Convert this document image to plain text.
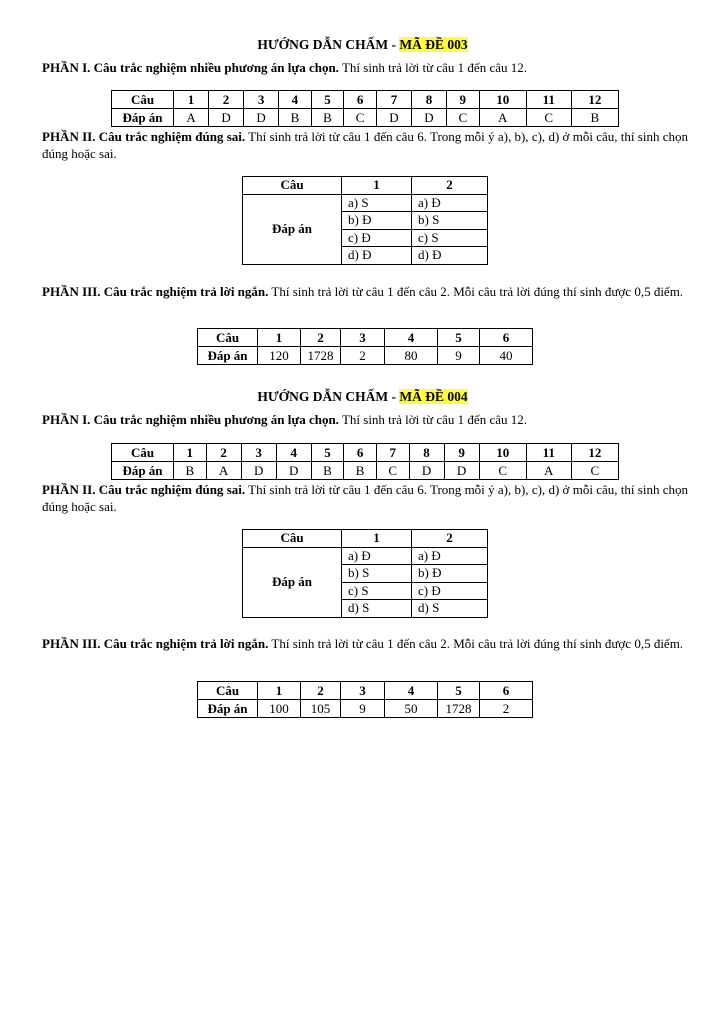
HƯỚNG DẪN CHẤM - MÃ ĐỀ 003
PHẦN I. Câu trắc nghiệm nhiều phương án lựa chọn. Thí sinh trả lời từ câu 1 đến câu 12.
Câu	1	2	3	4	5	6	7	8	9	10	11	12
Đáp án	A	D	D	B	B	C	D	D	C	A	C	B
PHẦN II. Câu trắc nghiệm đúng sai. Thí sinh trả lời từ câu 1 đến câu 6. Trong mỗi ý a), b), c), d) ở mỗi câu, thí sinh chọn đúng hoặc sai.
Câu	1	2
Đáp án	a) S	a) Đ
	b) Đ	b) S
	c) Đ	c) S
	d) Đ	d) Đ
PHẦN III. Câu trắc nghiệm trả lời ngắn. Thí sinh trả lời từ câu 1 đến câu 2. Mỗi câu trả lời đúng thí sinh được 0,5 điểm.
Câu	1	2	3	4	5	6
Đáp án	120	1728	2	80	9	40
HƯỚNG DẪN CHẤM - MÃ ĐỀ 004
PHẦN I. Câu trắc nghiệm nhiều phương án lựa chọn. Thí sinh trả lời từ câu 1 đến câu 12.
Câu	1	2	3	4	5	6	7	8	9	10	11	12
Đáp án	B	A	D	D	B	B	C	D	D	C	A	C
PHẦN II. Câu trắc nghiệm đúng sai. Thí sinh trả lời từ câu 1 đến câu 6. Trong mỗi ý a), b), c), d) ở mỗi câu, thí sinh chọn đúng hoặc sai.
Câu	1	2
Đáp án	a) Đ	a) Đ
	b) S	b) Đ
	c) S	c) Đ
	d) S	d) S
PHẦN III. Câu trắc nghiệm trả lời ngắn. Thí sinh trả lời từ câu 1 đến câu 2. Mỗi câu trả lời đúng thí sinh được 0,5 điểm.
Câu	1	2	3	4	5	6
Đáp án	100	105	9	50	1728	2
